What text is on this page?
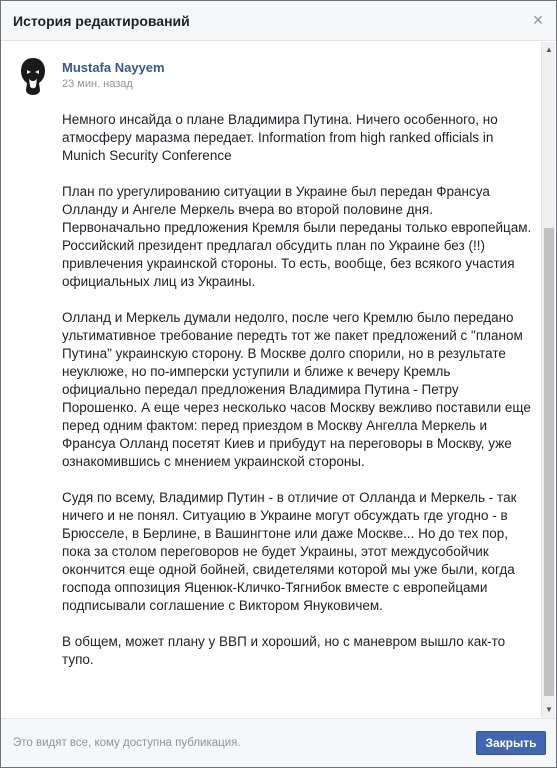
История редактирований	×
Mustafa Nayyem
23 мин. назад

Немного инсайда о плане Владимира Путина. Ничего особенного, но атмосферу маразма передает. Information from high ranked officials in Munich Security Conference

План по урегулированию ситуации в Украине был передан Франсуа Олланду и Ангеле Меркель вчера во второй половине дня. Первоначально предложения Кремля были переданы только европейцам. Российский президент предлагал обсудить план по Украине без (!!) привлечения украинской стороны. То есть, вообще, без всякого участия официальных лиц из Украины.

Олланд и Меркель думали недолго, после чего Кремлю было передано ультимативное требование передть тот же пакет предложений с "планом Путина" украинскую сторону. В Москве долго спорили, но в результате неуклюже, но по-имперски уступили и ближе к вечеру Кремль официально передал предложения Владимира Путина - Петру Порошенко. А еще через несколько часов Москву вежливо поставили еще перед одним фактом: перед приездом в Москву Ангелла Меркель и Франсуа Олланд посетят Киев и прибудут на переговоры в Москву, уже ознакомившись с мнением украинской стороны.

Судя по всему, Владимир Путин - в отличие от Олланда и Меркель - так ничего и не понял. Ситуацию в Украине могут обсуждать где угодно - в Брюсселе, в Берлине, в Вашингтоне или даже Москве... Но до тех пор, пока за столом переговоров не будет Украины, этот междусобойчик окончится еще одной бойней, свидетелями которой мы уже были, когда господа оппозиция Яценюк-Кличко-Тягнибок вместе с европейцами подписывали соглашение с Виктором Януковичем.

В общем, может плану у ВВП и хороший, но с маневром вышло как-то тупо.

▲
▼
Это видят все, кому доступна публикация.	Закрыть
